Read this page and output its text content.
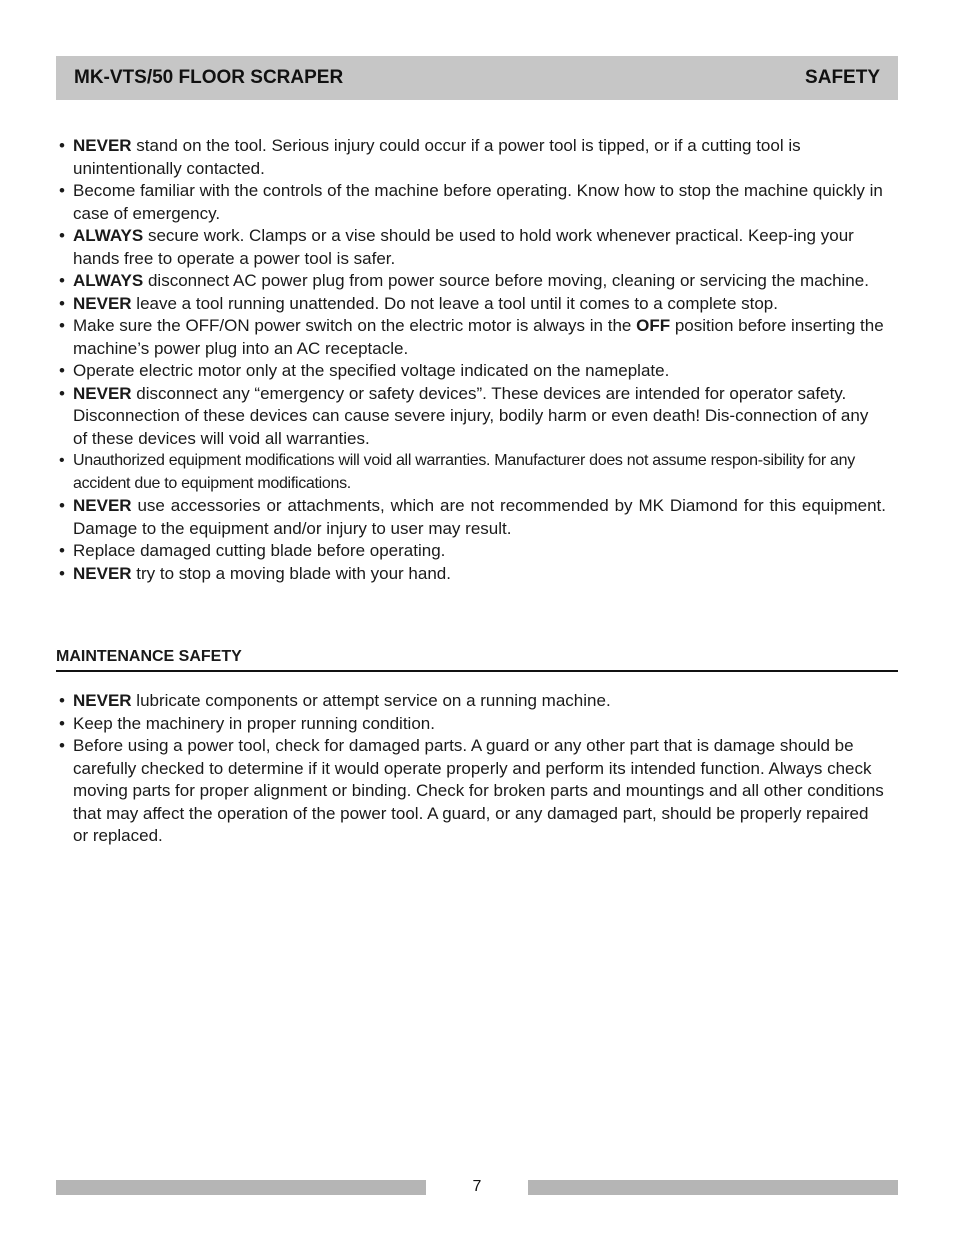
MK-VTS/50 FLOOR SCRAPER	SAFETY
• NEVER stand on the tool. Serious injury could occur if a power tool is tipped, or if a cutting tool is unintentionally contacted.
• Become familiar with the controls of the machine before operating. Know how to stop the machine quickly in case of emergency.
• ALWAYS secure work. Clamps or a vise should be used to hold work whenever practical. Keep-ing your hands free to operate a power tool is safer.
• ALWAYS disconnect AC power plug from power source before moving, cleaning or servicing the machine.
• NEVER leave a tool running unattended. Do not leave a tool until it comes to a complete stop.
• Make sure the OFF/ON power switch on the electric motor is always in the OFF position before inserting the machine’s power plug into an AC receptacle.
• Operate electric motor only at the specified voltage indicated on the nameplate.
• NEVER disconnect any “emergency or safety devices”. These devices are intended for operator safety. Disconnection of these devices can cause severe injury, bodily harm or even death! Dis-connection of any of these devices will void all warranties.
• Unauthorized equipment modifications will void all warranties. Manufacturer does not assume respon-sibility for any accident due to equipment modifications.
• NEVER use accessories or attachments, which are not recommended by MK Diamond for this equipment. Damage to the equipment and/or injury to user may result.
• Replace damaged cutting blade before operating.
• NEVER try to stop a moving blade with your hand.
MAINTENANCE SAFETY
• NEVER lubricate components or attempt service on a running machine.
• Keep the machinery in proper running condition.
• Before using a power tool, check for damaged parts. A guard or any other part that is damage should be carefully checked to determine if it would operate properly and perform its intended function. Always check moving parts for proper alignment or binding. Check for broken parts and mountings and all other conditions that may affect the operation of the power tool. A guard, or any damaged part, should be properly repaired or replaced.
7
